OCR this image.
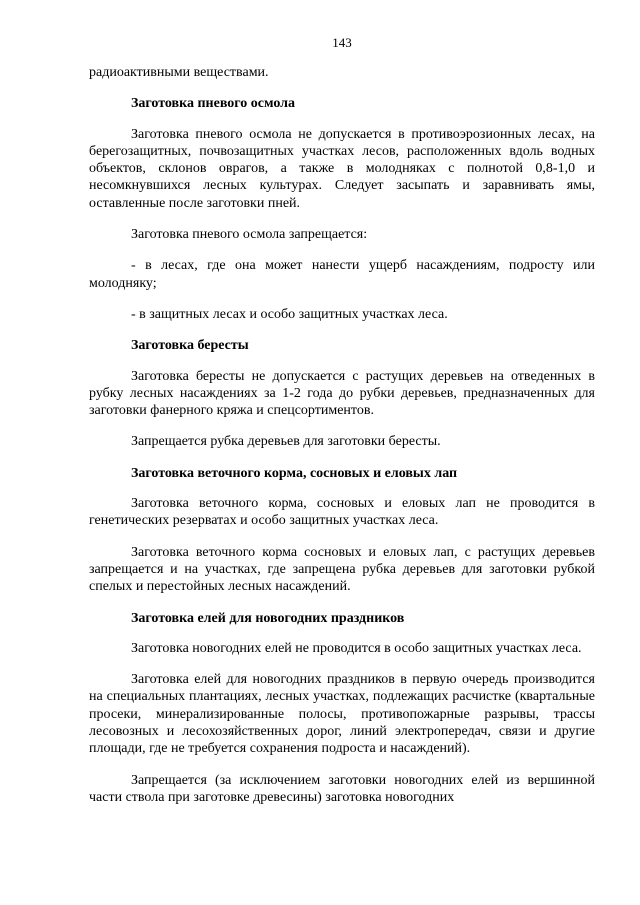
143

радиоактивными веществами.

Заготовка пневого осмола

Заготовка пневого осмола не допускается в противоэрозионных лесах, на берегозащитных, почвозащитных участках лесов, расположенных вдоль водных объектов, склонов оврагов, а также в молодняках с полнотой 0,8-1,0 и несомкнувшихся лесных культурах. Следует засыпать и заравнивать ямы, оставленные после заготовки пней.

Заготовка пневого осмола запрещается:

- в лесах, где она может нанести ущерб насаждениям, подросту или молодняку;

- в защитных лесах и особо защитных участках леса.

Заготовка бересты

Заготовка бересты не допускается с растущих деревьев на отведенных в рубку лесных насаждениях за 1-2 года до рубки деревьев, предназначенных для заготовки фанерного кряжа и спецсортиментов.

Запрещается рубка деревьев для заготовки бересты.

Заготовка веточного корма, сосновых и еловых лап

Заготовка веточного корма, сосновых и еловых лап не проводится в генетических резерватах и особо защитных участках леса.

Заготовка веточного корма сосновых и еловых лап, с растущих деревьев запрещается и на участках, где запрещена рубка деревьев для заготовки рубкой спелых и перестойных лесных насаждений.

Заготовка елей для новогодних праздников

Заготовка новогодних елей не проводится в особо защитных участках леса.

Заготовка елей для новогодних праздников в первую очередь производится на специальных плантациях, лесных участках, подлежащих расчистке (квартальные просеки, минерализированные полосы, противопожарные разрывы, трассы лесовозных и лесохозяйственных дорог, линий электропередач, связи и другие площади, где не требуется сохранения подроста и насаждений).

Запрещается (за исключением заготовки новогодних елей из вершинной части ствола при заготовке древесины) заготовка новогодних
